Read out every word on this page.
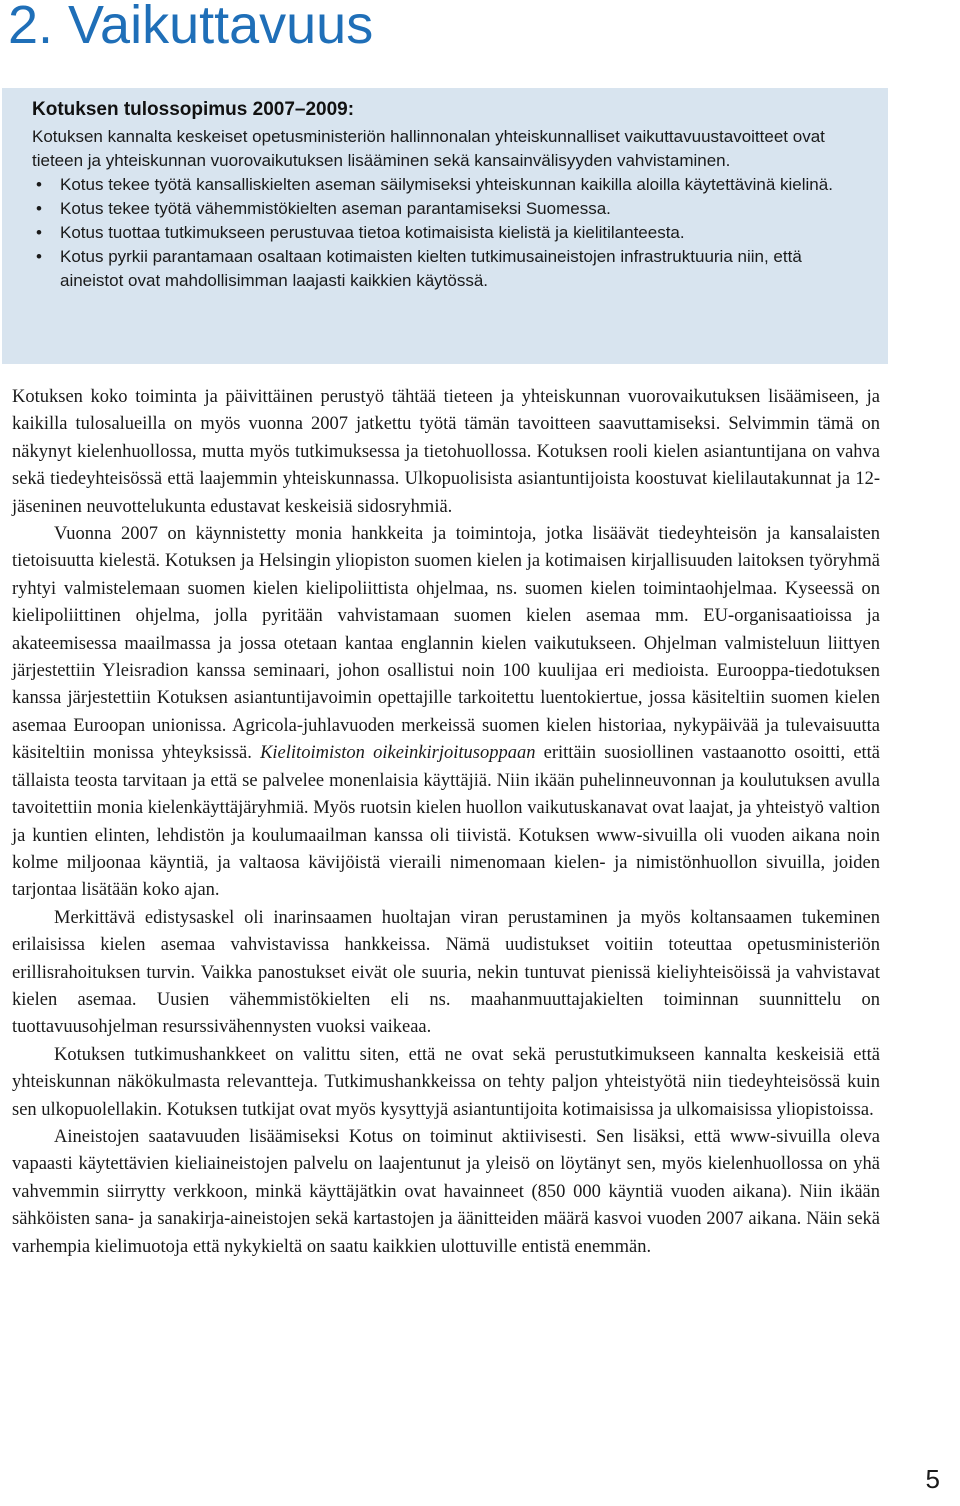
2. Vaikuttavuus
Kotuksen tulossopimus 2007–2009:

Kotuksen kannalta keskeiset opetusministeriön hallinnonalan yhteiskunnalliset vaikuttavuustavoitteet ovat tieteen ja yhteiskunnan vuorovaikutuksen lisääminen sekä kansainvälisyyden vahvistaminen.

• Kotus tekee työtä kansalliskielten aseman säilymiseksi yhteiskunnan kaikilla aloilla käytettävinä kielinä.
• Kotus tekee työtä vähemmistökielten aseman parantamiseksi Suomessa.
• Kotus tuottaa tutkimukseen perustuvaa tietoa kotimaisista kielistä ja kielitilanteesta.
• Kotus pyrkii parantamaan osaltaan kotimaisten kielten tutkimusaineistojen infrastruktuuria niin, että aineistot ovat mahdollisimman laajasti kaikkien käytössä.

Kotuksen koko toiminta ja päivittäinen perustyö tähtää tieteen ja yhteiskunnan vuorovaikutuksen lisäämiseen, ja kaikilla tulosalueilla on myös vuonna 2007 jatkettu työtä tämän tavoitteen saavuttamiseksi. Selvimmin tämä on näkynyt kielenhuollossa, mutta myös tutkimuksessa ja tietohuollossa. Kotuksen rooli kielen asiantuntijana on vahva sekä tiedeyhteisössä että laajemmin yhteiskunnassa. Ulkopuolisista asiantuntijoista koostuvat kielilautakunnat ja 12-jäseninen neuvottelukunta edustavat keskeisiä sidosryhmiä.

Vuonna 2007 on käynnistetty monia hankkeita ja toimintoja, jotka lisäävät tiedeyhteisön ja kansalaisten tietoisuutta kielestä. Kotuksen ja Helsingin yliopiston suomen kielen ja kotimaisen kirjallisuuden laitoksen työryhmä ryhtyi valmistelemaan suomen kielen kielipoliittista ohjelmaa, ns. suomen kielen toimintaohjelmaa. Kyseessä on kielipoliittinen ohjelma, jolla pyritään vahvistamaan suomen kielen asemaa mm. EU-organisaatioissa ja akateemisessa maailmassa ja jossa otetaan kantaa englannin kielen vaikutukseen. Ohjelman valmisteluun liittyen järjestettiin Yleisradion kanssa seminaari, johon osallistui noin 100 kuulijaa eri medioista. Eurooppa-tiedotuksen kanssa järjestettiin Kotuksen asiantuntijavoimin opettajille tarkoitettu luentokiertue, jossa käsiteltiin suomen kielen asemaa Euroopan unionissa. Agricola-juhlavuoden merkeissä suomen kielen historiaa, nykypäivää ja tulevaisuutta käsiteltiin monissa yhteyksissä. Kielitoimiston oikeinkirjoitusoppaan erittäin suosiollinen vastaanotto osoitti, että tällaista teosta tarvitaan ja että se palvelee monenlaisia käyttäjiä. Niin ikään puhelinneuvonnan ja koulutuksen avulla tavoitettiin monia kielenkäyttäjäryhmiä. Myös ruotsin kielen huollon vaikutuskanavat ovat laajat, ja yhteistyö valtion ja kuntien elinten, lehdistön ja koulumaailman kanssa oli tiivistä. Kotuksen www-sivuilla oli vuoden aikana noin kolme miljoonaa käyntiä, ja valtaosa kävijöistä vieraili nimenomaan kielen- ja nimistönhuollon sivuilla, joiden tarjontaa lisätään koko ajan.

Merkittävä edistysaskel oli inarinsaamen huoltajan viran perustaminen ja myös koltansaamen tukeminen erilaisissa kielen asemaa vahvistavissa hankkeissa. Nämä uudistukset voitiin toteuttaa opetusministeriön erillisrahoituksen turvin. Vaikka panostukset eivät ole suuria, nekin tuntuvat pienissä kieliyhteisöissä ja vahvistavat kielen asemaa. Uusien vähemmistökielten eli ns. maahanmuuttajakielten toiminnan suunnittelu on tuottavuusohjelman resurssivähennysten vuoksi vaikeaa.

Kotuksen tutkimushankkeet on valittu siten, että ne ovat sekä perustutkimukseen kannalta keskeisiä että yhteiskunnan näkökulmasta relevantteja. Tutkimushankkeissa on tehty paljon yhteistyötä niin tiedeyhteisössä kuin sen ulkopuolellakin. Kotuksen tutkijat ovat myös kysyttyjä asiantuntijoita kotimaisissa ja ulkomaisissa yliopistoissa.

Aineistojen saatavuuden lisäämiseksi Kotus on toiminut aktiivisesti. Sen lisäksi, että www-sivuilla oleva vapaasti käytettävien kieliaineistojen palvelu on laajentunut ja yleisö on löytänyt sen, myös kielenhuollossa on yhä vahvemmin siirrytty verkkoon, minkä käyttäjätkin ovat havainneet (850 000 käyntiä vuoden aikana). Niin ikään sähköisten sana- ja sanakirja-aineistojen sekä kartastojen ja äänitteiden määrä kasvoi vuoden 2007 aikana. Näin sekä varhempia kielimuotoja että nykykieltä on saatu kaikkien ulottuville entistä enemmän.

5
